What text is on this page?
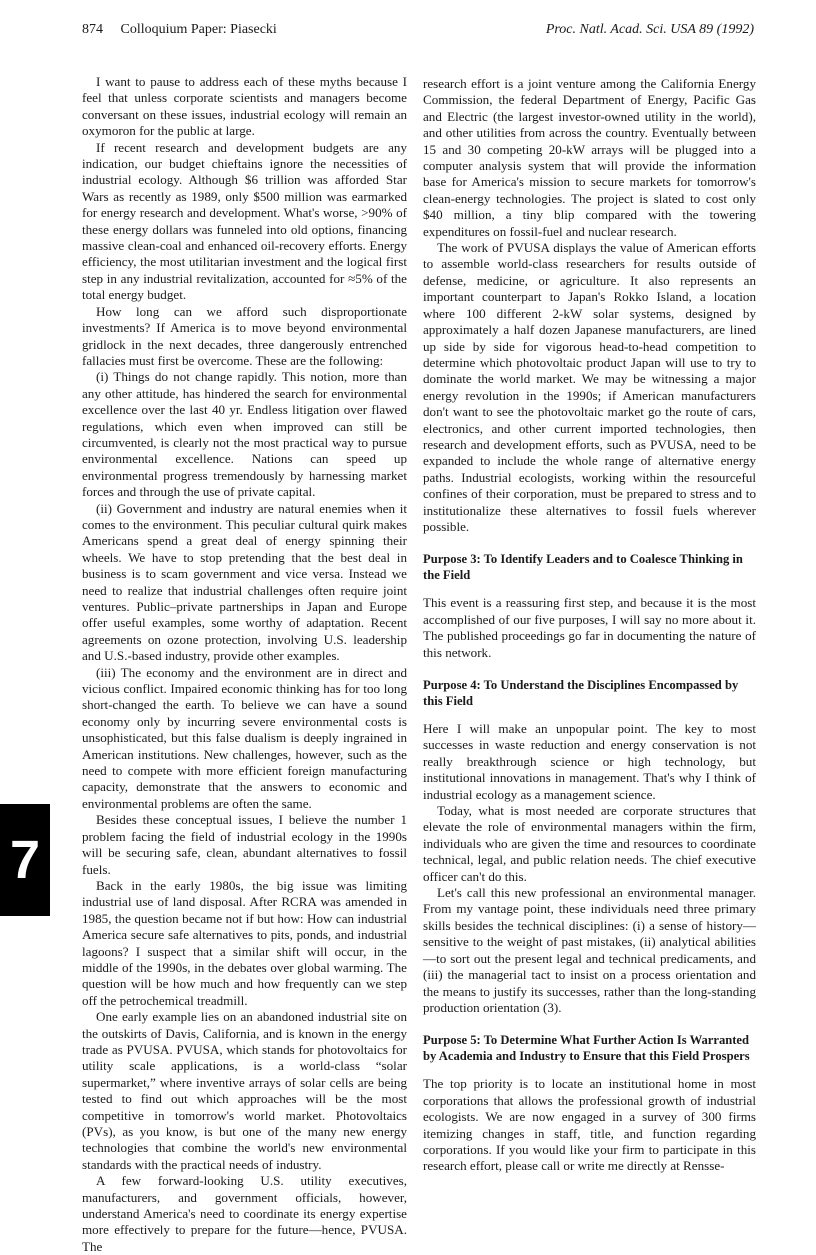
874 Colloquium Paper: Piasecki	Proc. Natl. Acad. Sci. USA 89 (1992)
7

I want to pause to address each of these myths because I feel that unless corporate scientists and managers become conversant on these issues, industrial ecology will remain an oxymoron for the public at large.

If recent research and development budgets are any indication, our budget chieftains ignore the necessities of industrial ecology. Although $6 trillion was afforded Star Wars as recently as 1989, only $500 million was earmarked for energy research and development. What's worse, >90% of these energy dollars was funneled into old options, financing massive clean-coal and enhanced oil-recovery efforts. Energy efficiency, the most utilitarian investment and the logical first step in any industrial revitalization, accounted for ≈5% of the total energy budget.

How long can we afford such disproportionate investments? If America is to move beyond environmental gridlock in the next decades, three dangerously entrenched fallacies must first be overcome. These are the following:

(i) Things do not change rapidly. This notion, more than any other attitude, has hindered the search for environmental excellence over the last 40 yr. Endless litigation over flawed regulations, which even when improved can still be circumvented, is clearly not the most practical way to pursue environmental excellence. Nations can speed up environmental progress tremendously by harnessing market forces and through the use of private capital.

(ii) Government and industry are natural enemies when it comes to the environment. This peculiar cultural quirk makes Americans spend a great deal of energy spinning their wheels. We have to stop pretending that the best deal in business is to scam government and vice versa. Instead we need to realize that industrial challenges often require joint ventures. Public–private partnerships in Japan and Europe offer useful examples, some worthy of adaptation. Recent agreements on ozone protection, involving U.S. leadership and U.S.-based industry, provide other examples.

(iii) The economy and the environment are in direct and vicious conflict. Impaired economic thinking has for too long short-changed the earth. To believe we can have a sound economy only by incurring severe environmental costs is unsophisticated, but this false dualism is deeply ingrained in American institutions. New challenges, however, such as the need to compete with more efficient foreign manufacturing capacity, demonstrate that the answers to economic and environmental problems are often the same.

Besides these conceptual issues, I believe the number 1 problem facing the field of industrial ecology in the 1990s will be securing safe, clean, abundant alternatives to fossil fuels.

Back in the early 1980s, the big issue was limiting industrial use of land disposal. After RCRA was amended in 1985, the question became not if but how: How can industrial America secure safe alternatives to pits, ponds, and industrial lagoons? I suspect that a similar shift will occur, in the middle of the 1990s, in the debates over global warming. The question will be how much and how frequently can we step off the petrochemical treadmill.

One early example lies on an abandoned industrial site on the outskirts of Davis, California, and is known in the energy trade as PVUSA. PVUSA, which stands for photovoltaics for utility scale applications, is a world-class “solar supermarket,” where inventive arrays of solar cells are being tested to find out which approaches will be the most competitive in tomorrow's world market. Photovoltaics (PVs), as you know, is but one of the many new energy technologies that combine the world's new environmental standards with the practical needs of industry.

A few forward-looking U.S. utility executives, manufacturers, and government officials, however, understand America's need to coordinate its energy expertise more effectively to prepare for the future—hence, PVUSA. The

research effort is a joint venture among the California Energy Commission, the federal Department of Energy, Pacific Gas and Electric (the largest investor-owned utility in the world), and other utilities from across the country. Eventually between 15 and 30 competing 20-kW arrays will be plugged into a computer analysis system that will provide the information base for America's mission to secure markets for tomorrow's clean-energy technologies. The project is slated to cost only $40 million, a tiny blip compared with the towering expenditures on fossil-fuel and nuclear research.

The work of PVUSA displays the value of American efforts to assemble world-class researchers for results outside of defense, medicine, or agriculture. It also represents an important counterpart to Japan's Rokko Island, a location where 100 different 2-kW solar systems, designed by approximately a half dozen Japanese manufacturers, are lined up side by side for vigorous head-to-head competition to determine which photovoltaic product Japan will use to try to dominate the world market. We may be witnessing a major energy revolution in the 1990s; if American manufacturers don't want to see the photovoltaic market go the route of cars, electronics, and other current imported technologies, then research and development efforts, such as PVUSA, need to be expanded to include the whole range of alternative energy paths. Industrial ecologists, working within the resourceful confines of their corporation, must be prepared to stress and to institutionalize these alternatives to fossil fuels wherever possible.

Purpose 3: To Identify Leaders and to Coalesce Thinking in the Field

This event is a reassuring first step, and because it is the most accomplished of our five purposes, I will say no more about it. The published proceedings go far in documenting the nature of this network.

Purpose 4: To Understand the Disciplines Encompassed by this Field

Here I will make an unpopular point. The key to most successes in waste reduction and energy conservation is not really breakthrough science or high technology, but institutional innovations in management. That's why I think of industrial ecology as a management science.

Today, what is most needed are corporate structures that elevate the role of environmental managers within the firm, individuals who are given the time and resources to coordinate technical, legal, and public relation needs. The chief executive officer can't do this.

Let's call this new professional an environmental manager. From my vantage point, these individuals need three primary skills besides the technical disciplines: (i) a sense of history—sensitive to the weight of past mistakes, (ii) analytical abilities—to sort out the present legal and technical predicaments, and (iii) the managerial tact to insist on a process orientation and the means to justify its successes, rather than the long-standing production orientation (3).

Purpose 5: To Determine What Further Action Is Warranted by Academia and Industry to Ensure that this Field Prospers

The top priority is to locate an institutional home in most corporations that allows the professional growth of industrial ecologists. We are now engaged in a survey of 300 firms itemizing changes in staff, title, and function regarding corporations. If you would like your firm to participate in this research effort, please call or write me directly at Rensse-
